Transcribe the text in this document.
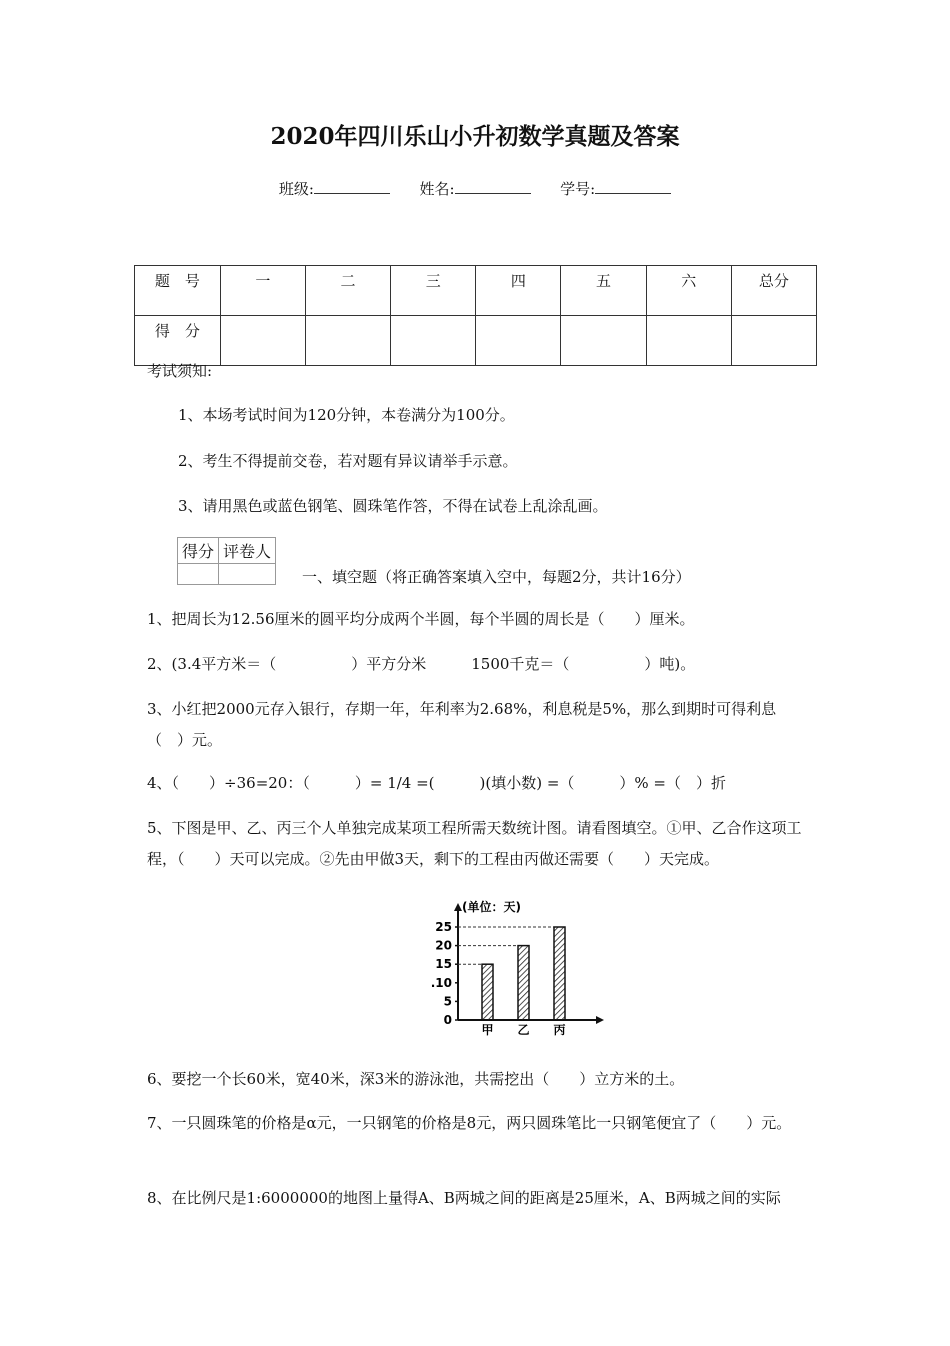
2020年四川乐山小升初数学真题及答案
班级:	姓名:	学号:
题　号	一	二	三	四	五	六	总分
得　分							
考试须知:
1、本场考试时间为120分钟，本卷满分为100分。
2、考生不得提前交卷，若对题有异议请举手示意。
3、请用黑色或蓝色钢笔、圆珠笔作答，不得在试卷上乱涂乱画。
得分	评卷人

一、填空题（将正确答案填入空中，每题2分，共计16分）
1、把周长为12.56厘米的圆平均分成两个半圆，每个半圆的周长是（　　）厘米。
2、(3.4平方米＝（　　　　　）平方分米　　　1500千克＝（　　　　　）吨)。
3、小红把2000元存入银行，存期一年，年利率为2.68%，利息税是5%，那么到期时可得利息（　）元。
4、（　　）÷36=20：（　　　）= 1/4 =(　　　)(填小数) =（　　　）% =（　）折
5、下图是甲、乙、丙三个人单独完成某项工程所需天数统计图。请看图填空。①甲、乙合作这项工程，（　　）天可以完成。②先由甲做3天，剩下的工程由丙做还需要（　　）天完成。
(单位：天)
0
5
.10
15
20
25
甲 乙 丙
6、要挖一个长60米，宽40米，深3米的游泳池，共需挖出（　　）立方米的土。
7、一只圆珠笔的价格是α元，一只钢笔的价格是8元，两只圆珠笔比一只钢笔便宜了（　　）元。
8、在比例尺是1:6000000的地图上量得A、B两城之间的距离是25厘米，A、B两城之间的实际
